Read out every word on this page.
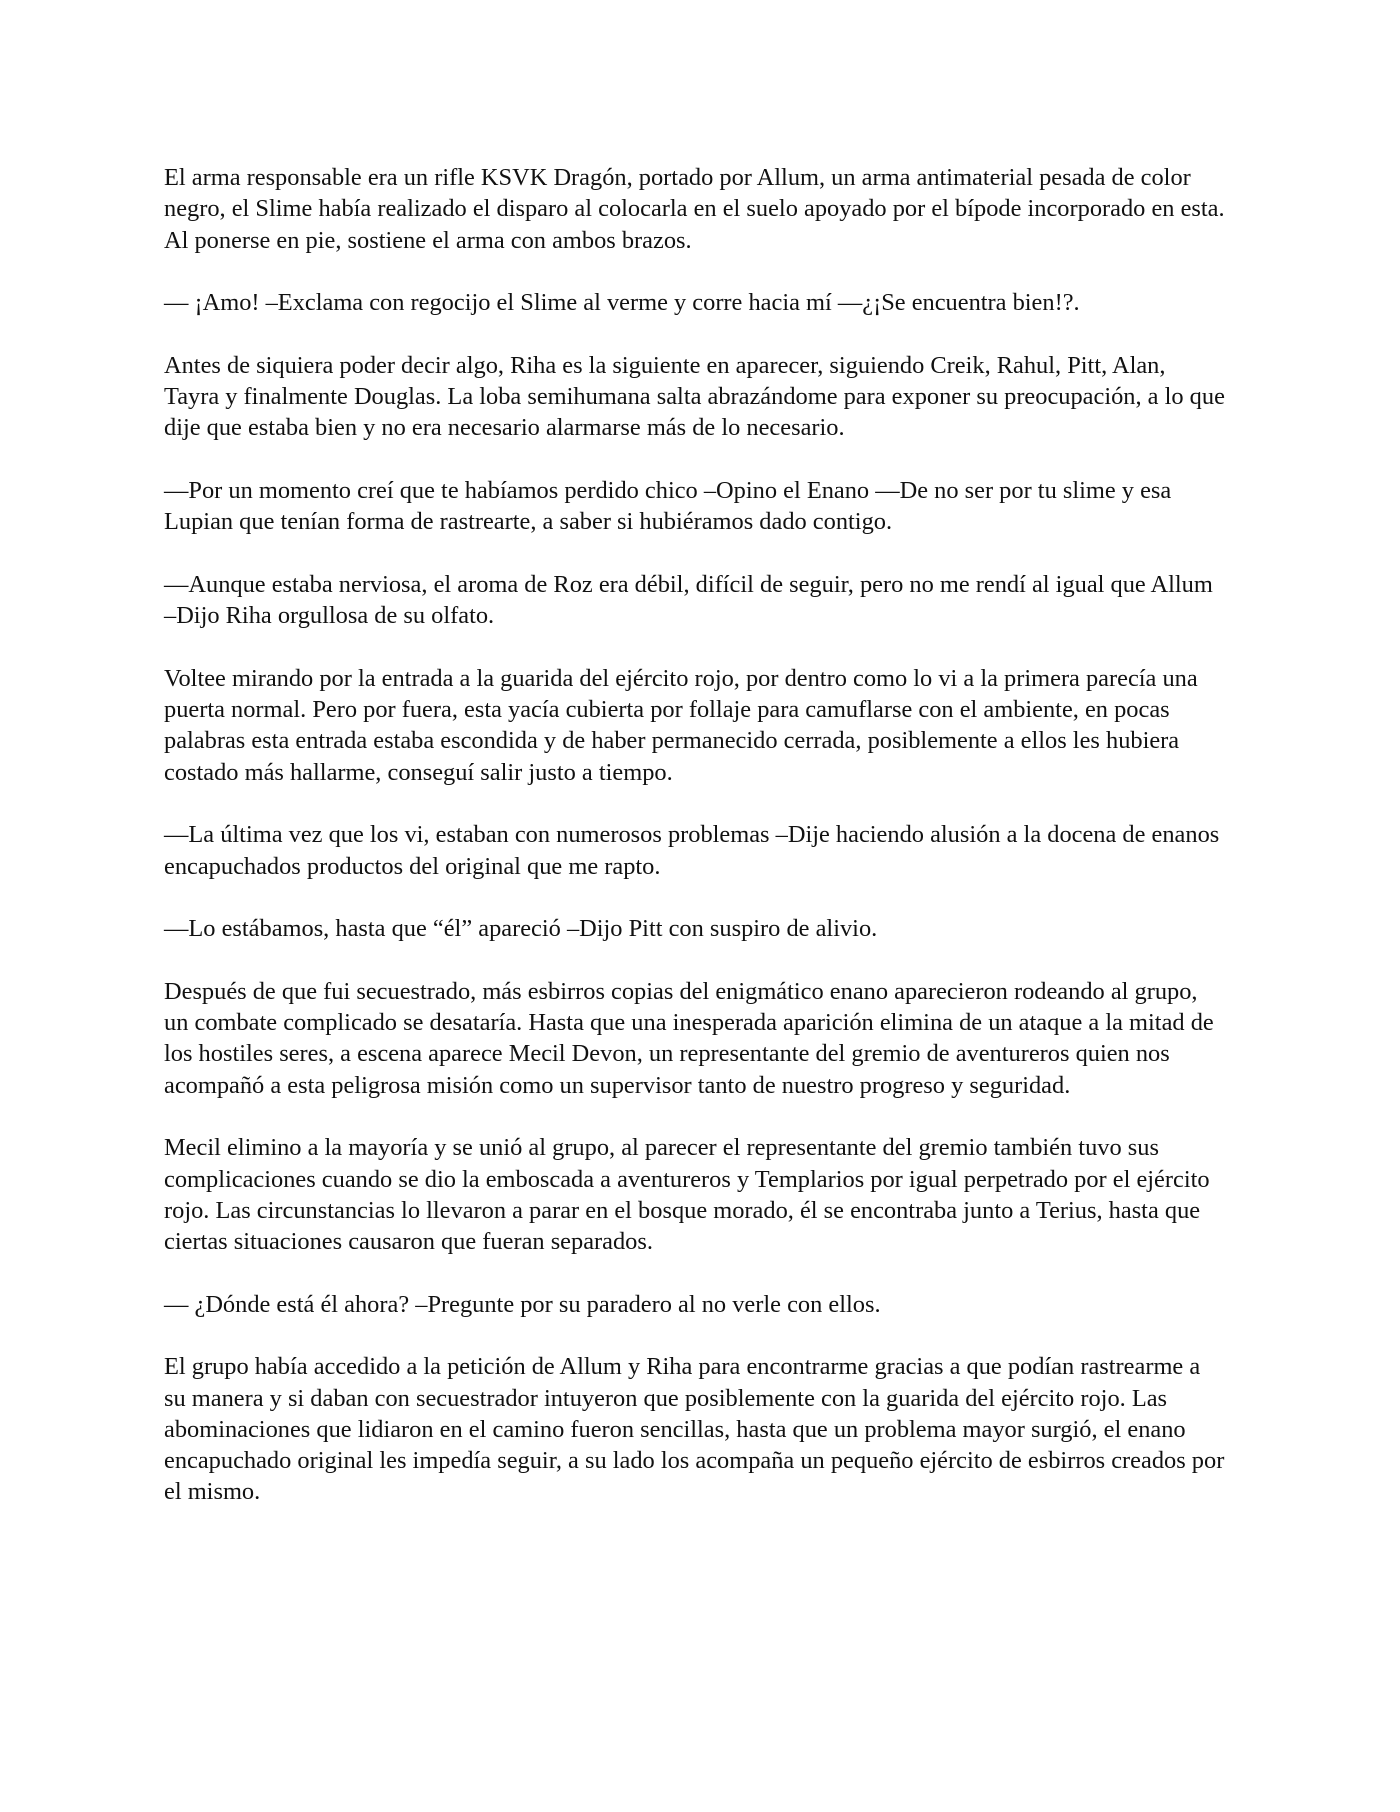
El arma responsable era un rifle KSVK Dragón, portado por Allum, un arma antimaterial pesada de color negro, el Slime había realizado el disparo al colocarla en el suelo apoyado por el bípode incorporado en esta. Al ponerse en pie, sostiene el arma con ambos brazos.

— ¡Amo! –Exclama con regocijo el Slime al verme y corre hacia mí —¿¡Se encuentra bien!?.

Antes de siquiera poder decir algo, Riha es la siguiente en aparecer, siguiendo Creik, Rahul, Pitt, Alan, Tayra y finalmente Douglas. La loba semihumana salta abrazándome para exponer su preocupación, a lo que dije que estaba bien y no era necesario alarmarse más de lo necesario.

—Por un momento creí que te habíamos perdido chico –Opino el Enano —De no ser por tu slime y esa Lupian que tenían forma de rastrearte, a saber si hubiéramos dado contigo.

—Aunque estaba nerviosa, el aroma de Roz era débil, difícil de seguir, pero no me rendí al igual que Allum –Dijo Riha orgullosa de su olfato.

Voltee mirando por la entrada a la guarida del ejército rojo, por dentro como lo vi a la primera parecía una puerta normal. Pero por fuera, esta yacía cubierta por follaje para camuflarse con el ambiente, en pocas palabras esta entrada estaba escondida y de haber permanecido cerrada, posiblemente a ellos les hubiera costado más hallarme, conseguí salir justo a tiempo.

—La última vez que los vi, estaban con numerosos problemas –Dije haciendo alusión a la docena de enanos encapuchados productos del original que me rapto.

—Lo estábamos, hasta que “él” apareció –Dijo Pitt con suspiro de alivio.

Después de que fui secuestrado, más esbirros copias del enigmático enano aparecieron rodeando al grupo, un combate complicado se desataría. Hasta que una inesperada aparición elimina de un ataque a la mitad de los hostiles seres, a escena aparece Mecil Devon, un representante del gremio de aventureros quien nos acompañó a esta peligrosa misión como un supervisor tanto de nuestro progreso y seguridad.

Mecil elimino a la mayoría y se unió al grupo, al parecer el representante del gremio también tuvo sus complicaciones cuando se dio la emboscada a aventureros y Templarios por igual perpetrado por el ejército rojo. Las circunstancias lo llevaron a parar en el bosque morado, él se encontraba junto a Terius, hasta que ciertas situaciones causaron que fueran separados.

— ¿Dónde está él ahora? –Pregunte por su paradero al no verle con ellos.

El grupo había accedido a la petición de Allum y Riha para encontrarme gracias a que podían rastrearme a su manera y si daban con secuestrador intuyeron que posiblemente con la guarida del ejército rojo. Las abominaciones que lidiaron en el camino fueron sencillas, hasta que un problema mayor surgió, el enano encapuchado original les impedía seguir, a su lado los acompaña un pequeño ejército de esbirros creados por el mismo.
